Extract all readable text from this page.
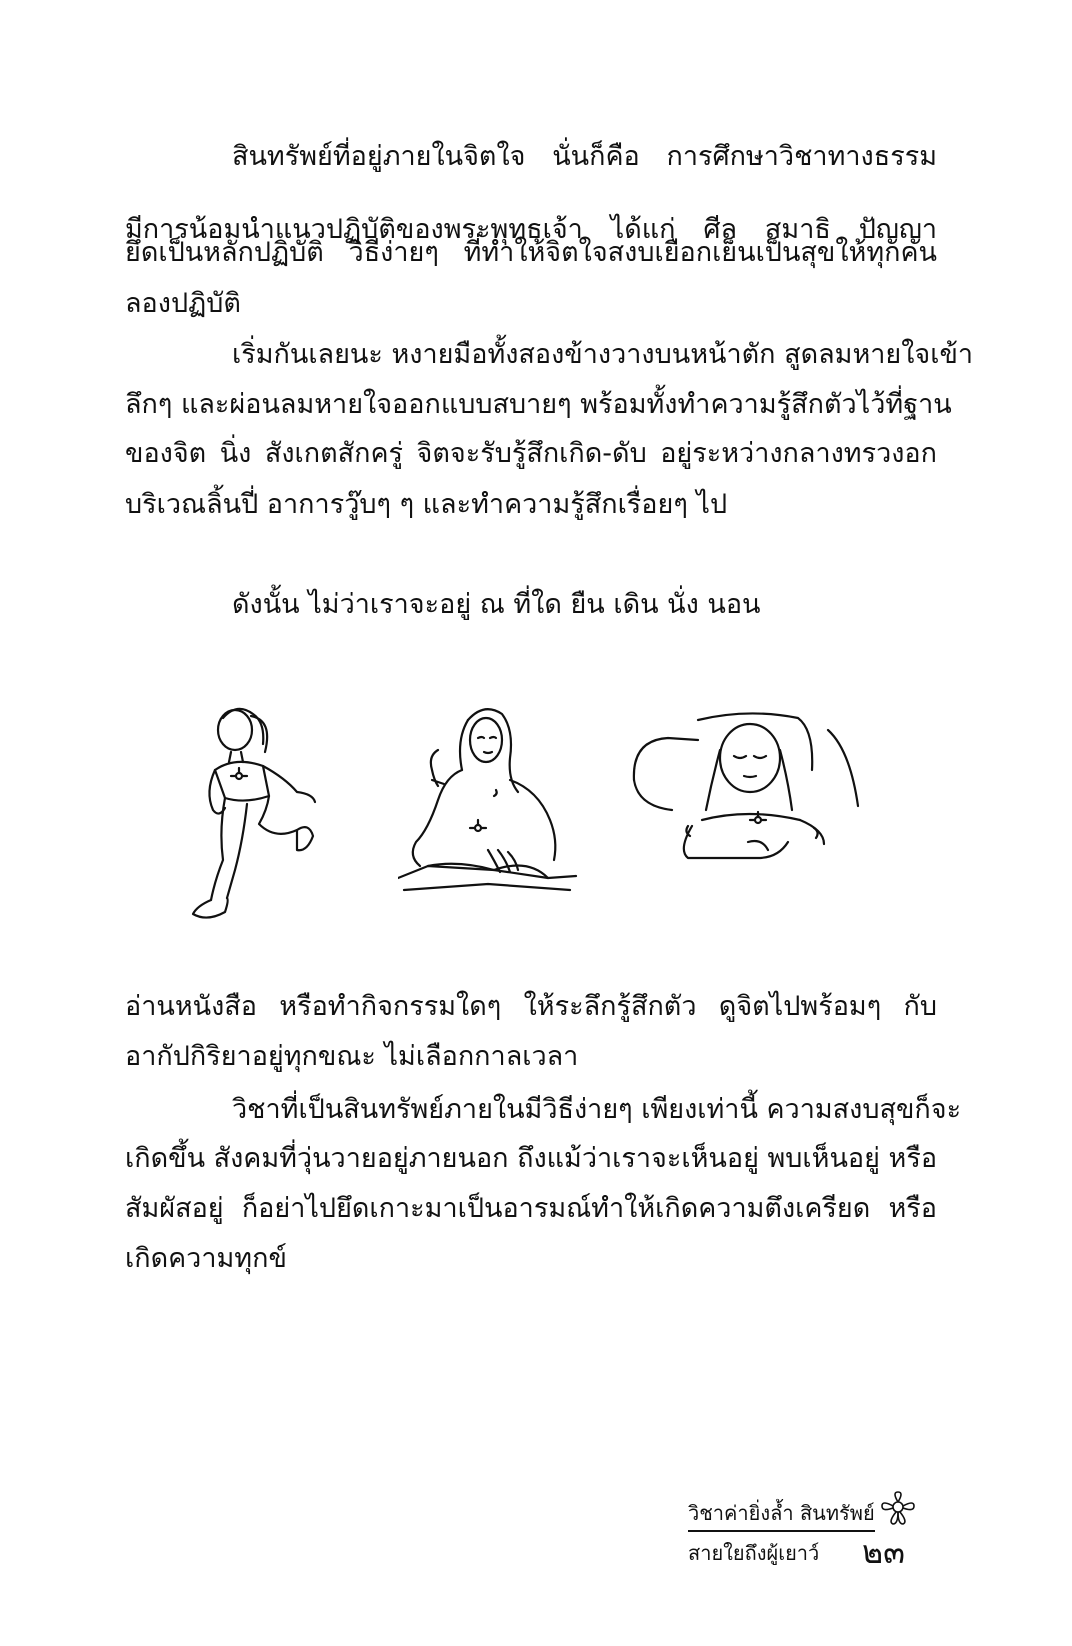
สินทรัพย์ที่อยู่ภายในจิตใจ นั่นก็คือ การศึกษาวิชาทางธรรม
มีการน้อมนำแนวปฏิบัติของพระพุทธเจ้า ได้แก่ ศีล สมาธิ ปัญญา
ยึดเป็นหลักปฏิบัติ วิธีง่ายๆ ที่ทำให้จิตใจสงบเยือกเย็นเป็นสุขให้ทุกคน
ลองปฏิบัติ
เริ่มกันเลยนะ หงายมือทั้งสองข้างวางบนหน้าตัก สูดลมหายใจเข้า
ลึกๆ และผ่อนลมหายใจออกแบบสบายๆ พร้อมทั้งทำความรู้สึกตัวไว้ที่ฐาน
ของจิต นิ่ง สังเกตสักครู่ จิตจะรับรู้สึกเกิด-ดับ อยู่ระหว่างกลางทรวงอก
บริเวณลิ้นปี่ อาการวู๊บๆ ๆ และทำความรู้สึกเรื่อยๆ ไป
ดังนั้น ไม่ว่าเราจะอยู่ ณ ที่ใด ยืน เดิน นั่ง นอน
อ่านหนังสือ หรือทำกิจกรรมใดๆ ให้ระลึกรู้สึกตัว ดูจิตไปพร้อมๆ กับ
อากัปกิริยาอยู่ทุกขณะ ไม่เลือกกาลเวลา
วิชาที่เป็นสินทรัพย์ภายในมีวิธีง่ายๆ เพียงเท่านี้ ความสงบสุขก็จะ
เกิดขึ้น สังคมที่วุ่นวายอยู่ภายนอก ถึงแม้ว่าเราจะเห็นอยู่ พบเห็นอยู่ หรือ
สัมผัสอยู่ ก็อย่าไปยึดเกาะมาเป็นอารมณ์ทำให้เกิดความตึงเครียด หรือ
เกิดความทุกข์
วิชาค่ายิ่งล้ำ สินทรัพย์
สายใยถึงผู้เยาว์ ๒๓
